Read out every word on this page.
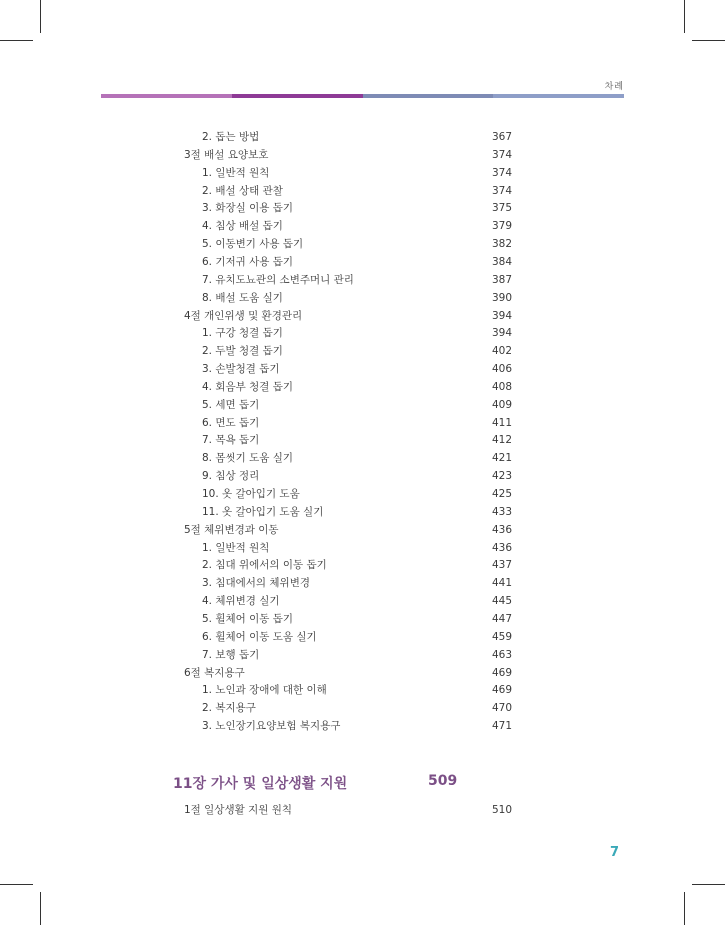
차례
2. 돕는 방법	367
3절 배설 요양보호	374
1. 일반적 원칙	374
2. 배설 상태 관찰	374
3. 화장실 이용 돕기	375
4. 침상 배설 돕기	379
5. 이동변기 사용 돕기	382
6. 기저귀 사용 돕기	384
7. 유치도뇨관의 소변주머니 관리	387
8. 배설 도움 실기	390
4절 개인위생 및 환경관리	394
1. 구강 청결 돕기	394
2. 두발 청결 돕기	402
3. 손발청결 돕기	406
4. 회음부 청결 돕기	408
5. 세면 돕기	409
6. 면도 돕기	411
7. 목욕 돕기	412
8. 몸씻기 도움 실기	421
9. 침상 정리	423
10. 옷 갈아입기 도움	425
11. 옷 갈아입기 도움 실기	433
5절 체위변경과 이동	436
1. 일반적 원칙	436
2. 침대 위에서의 이동 돕기	437
3. 침대에서의 체위변경	441
4. 체위변경 실기	445
5. 휠체어 이동 돕기	447
6. 휠체어 이동 도움 실기	459
7. 보행 돕기	463
6절 복지용구	469
1. 노인과 장애에 대한 이해	469
2. 복지용구	470
3. 노인장기요양보험 복지용구	471
11장 가사 및 일상생활 지원	509
1절 일상생활 지원 원칙	510
7
